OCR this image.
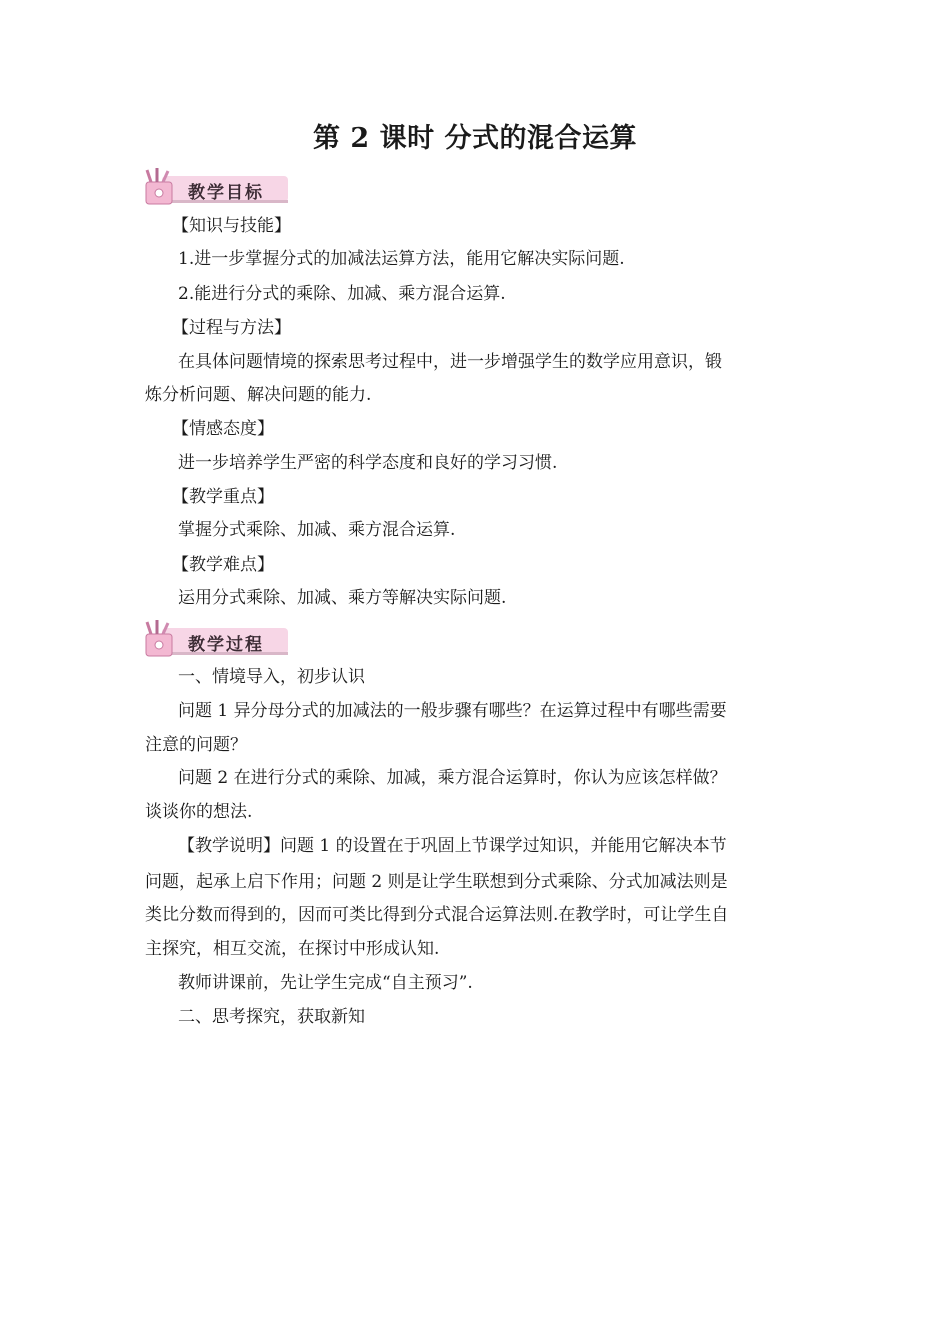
第 2 课时 分式的混合运算
教学目标
【知识与技能】
1.进一步掌握分式的加减法运算方法，能用它解决实际问题.
2.能进行分式的乘除、加减、乘方混合运算.
【过程与方法】
在具体问题情境的探索思考过程中，进一步增强学生的数学应用意识，锻
炼分析问题、解决问题的能力.
【情感态度】
进一步培养学生严密的科学态度和良好的学习习惯.
【教学重点】
掌握分式乘除、加减、乘方混合运算.
【教学难点】
运用分式乘除、加减、乘方等解决实际问题.
教学过程
一、情境导入，初步认识
问题 1 异分母分式的加减法的一般步骤有哪些？在运算过程中有哪些需要
注意的问题？
问题 2 在进行分式的乘除、加减，乘方混合运算时，你认为应该怎样做？
谈谈你的想法.
【教学说明】问题 1 的设置在于巩固上节课学过知识，并能用它解决本节
问题，起承上启下作用；问题 2 则是让学生联想到分式乘除、分式加减法则是
类比分数而得到的，因而可类比得到分式混合运算法则.在教学时，可让学生自
主探究，相互交流，在探讨中形成认知.
教师讲课前，先让学生完成“自主预习”.
二、思考探究，获取新知
